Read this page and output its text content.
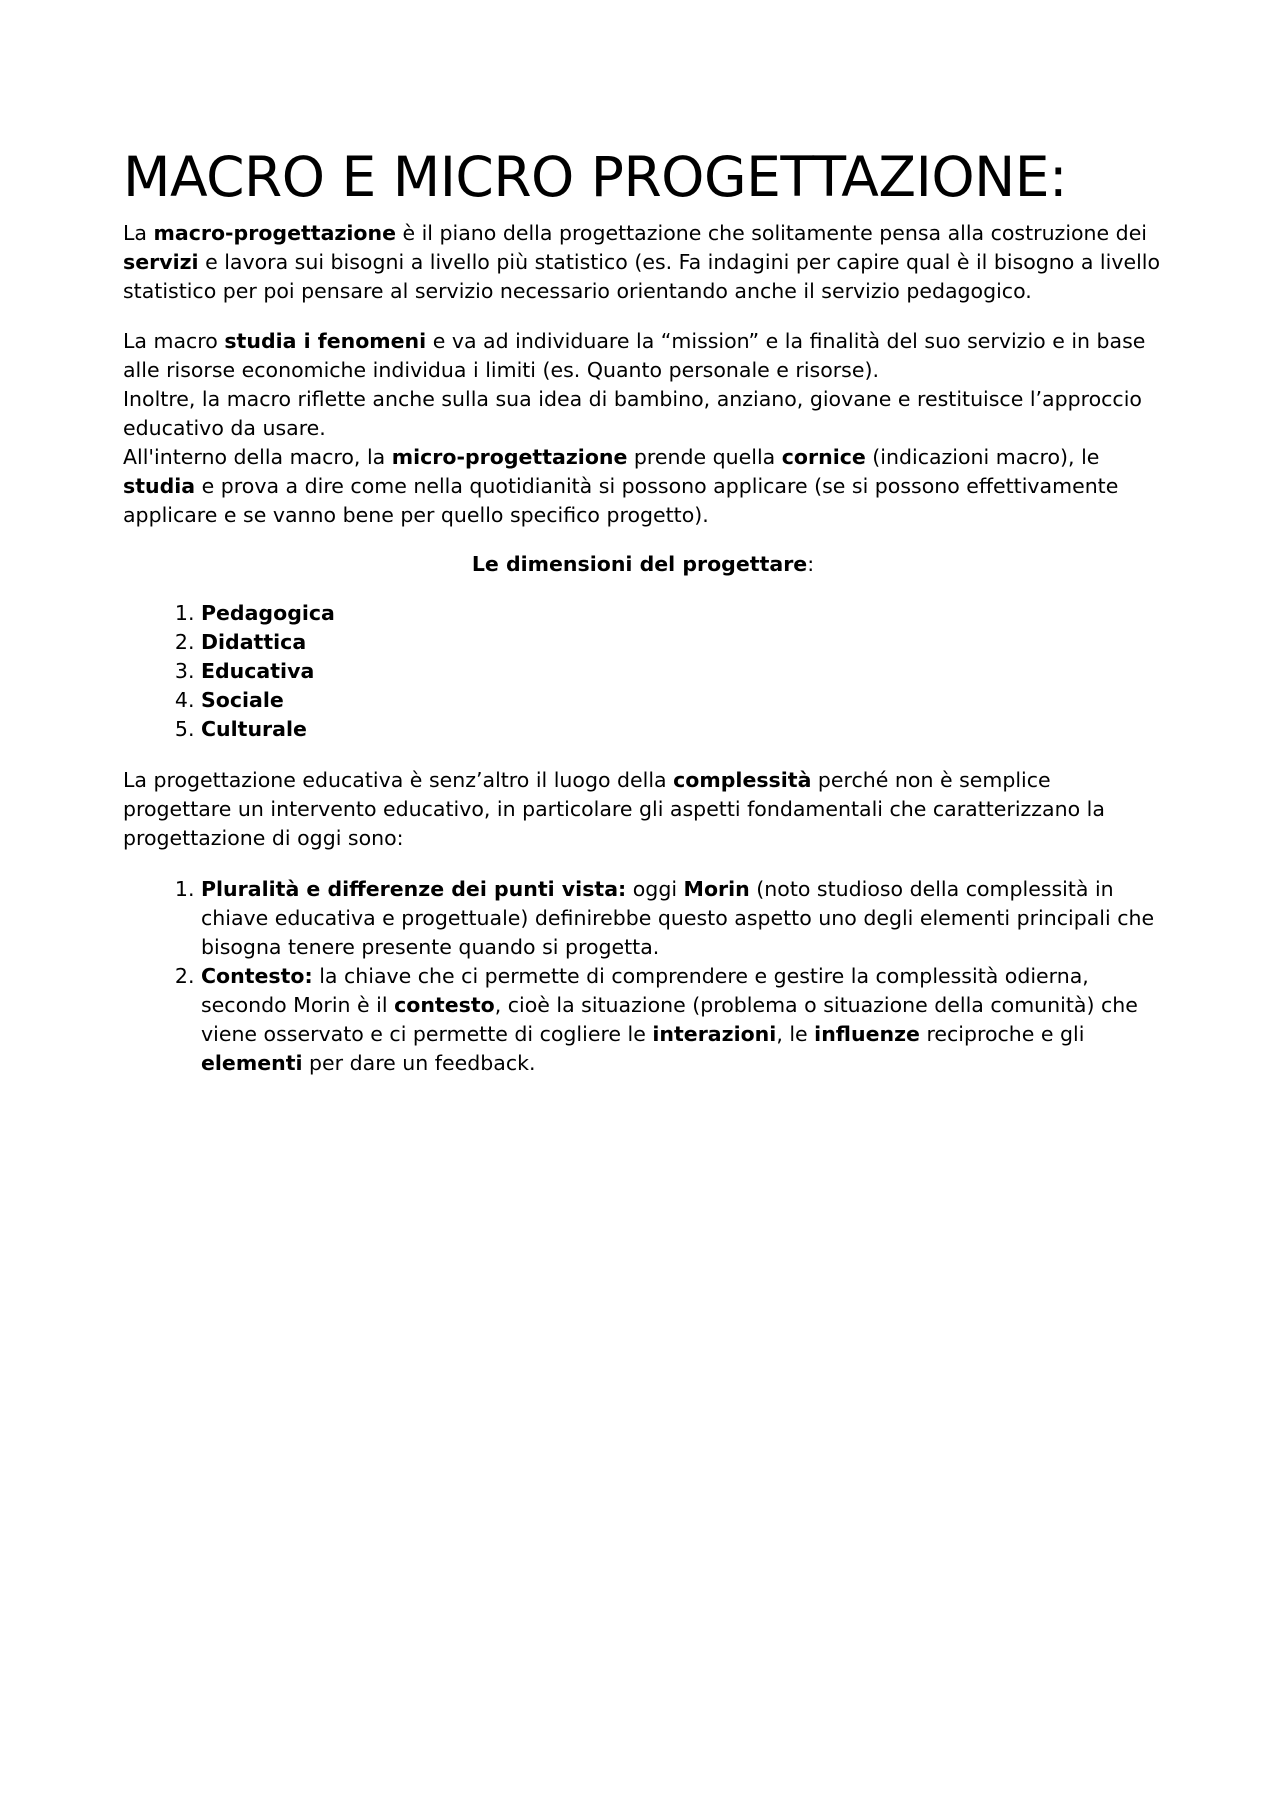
MACRO E MICRO PROGETTAZIONE:

La macro-progettazione è il piano della progettazione che solitamente pensa alla costruzione dei servizi e lavora sui bisogni a livello più statistico (es. Fa indagini per capire qual è il bisogno a livello statistico per poi pensare al servizio necessario orientando anche il servizio pedagogico.

La macro studia i fenomeni e va ad individuare la “mission” e la finalità del suo servizio e in base alle risorse economiche individua i limiti (es. Quanto personale e risorse).

Inoltre, la macro riflette anche sulla sua idea di bambino, anziano, giovane e restituisce l’approccio educativo da usare.

All'interno della macro, la micro-progettazione prende quella cornice (indicazioni macro), le studia e prova a dire come nella quotidianità si possono applicare (se si possono effettivamente applicare e se vanno bene per quello specifico progetto).

Le dimensioni del progettare:

1. Pedagogica
2. Didattica
3. Educativa
4. Sociale
5. Culturale

La progettazione educativa è senz’altro il luogo della complessità perché non è semplice progettare un intervento educativo, in particolare gli aspetti fondamentali che caratterizzano la progettazione di oggi sono:

1. Pluralità e differenze dei punti vista: oggi Morin (noto studioso della complessità in chiave educativa e progettuale) definirebbe questo aspetto uno degli elementi principali che bisogna tenere presente quando si progetta.
2. Contesto: la chiave che ci permette di comprendere e gestire la complessità odierna, secondo Morin è il contesto, cioè la situazione (problema o situazione della comunità) che viene osservato e ci permette di cogliere le interazioni, le influenze reciproche e gli elementi per dare un feedback.
